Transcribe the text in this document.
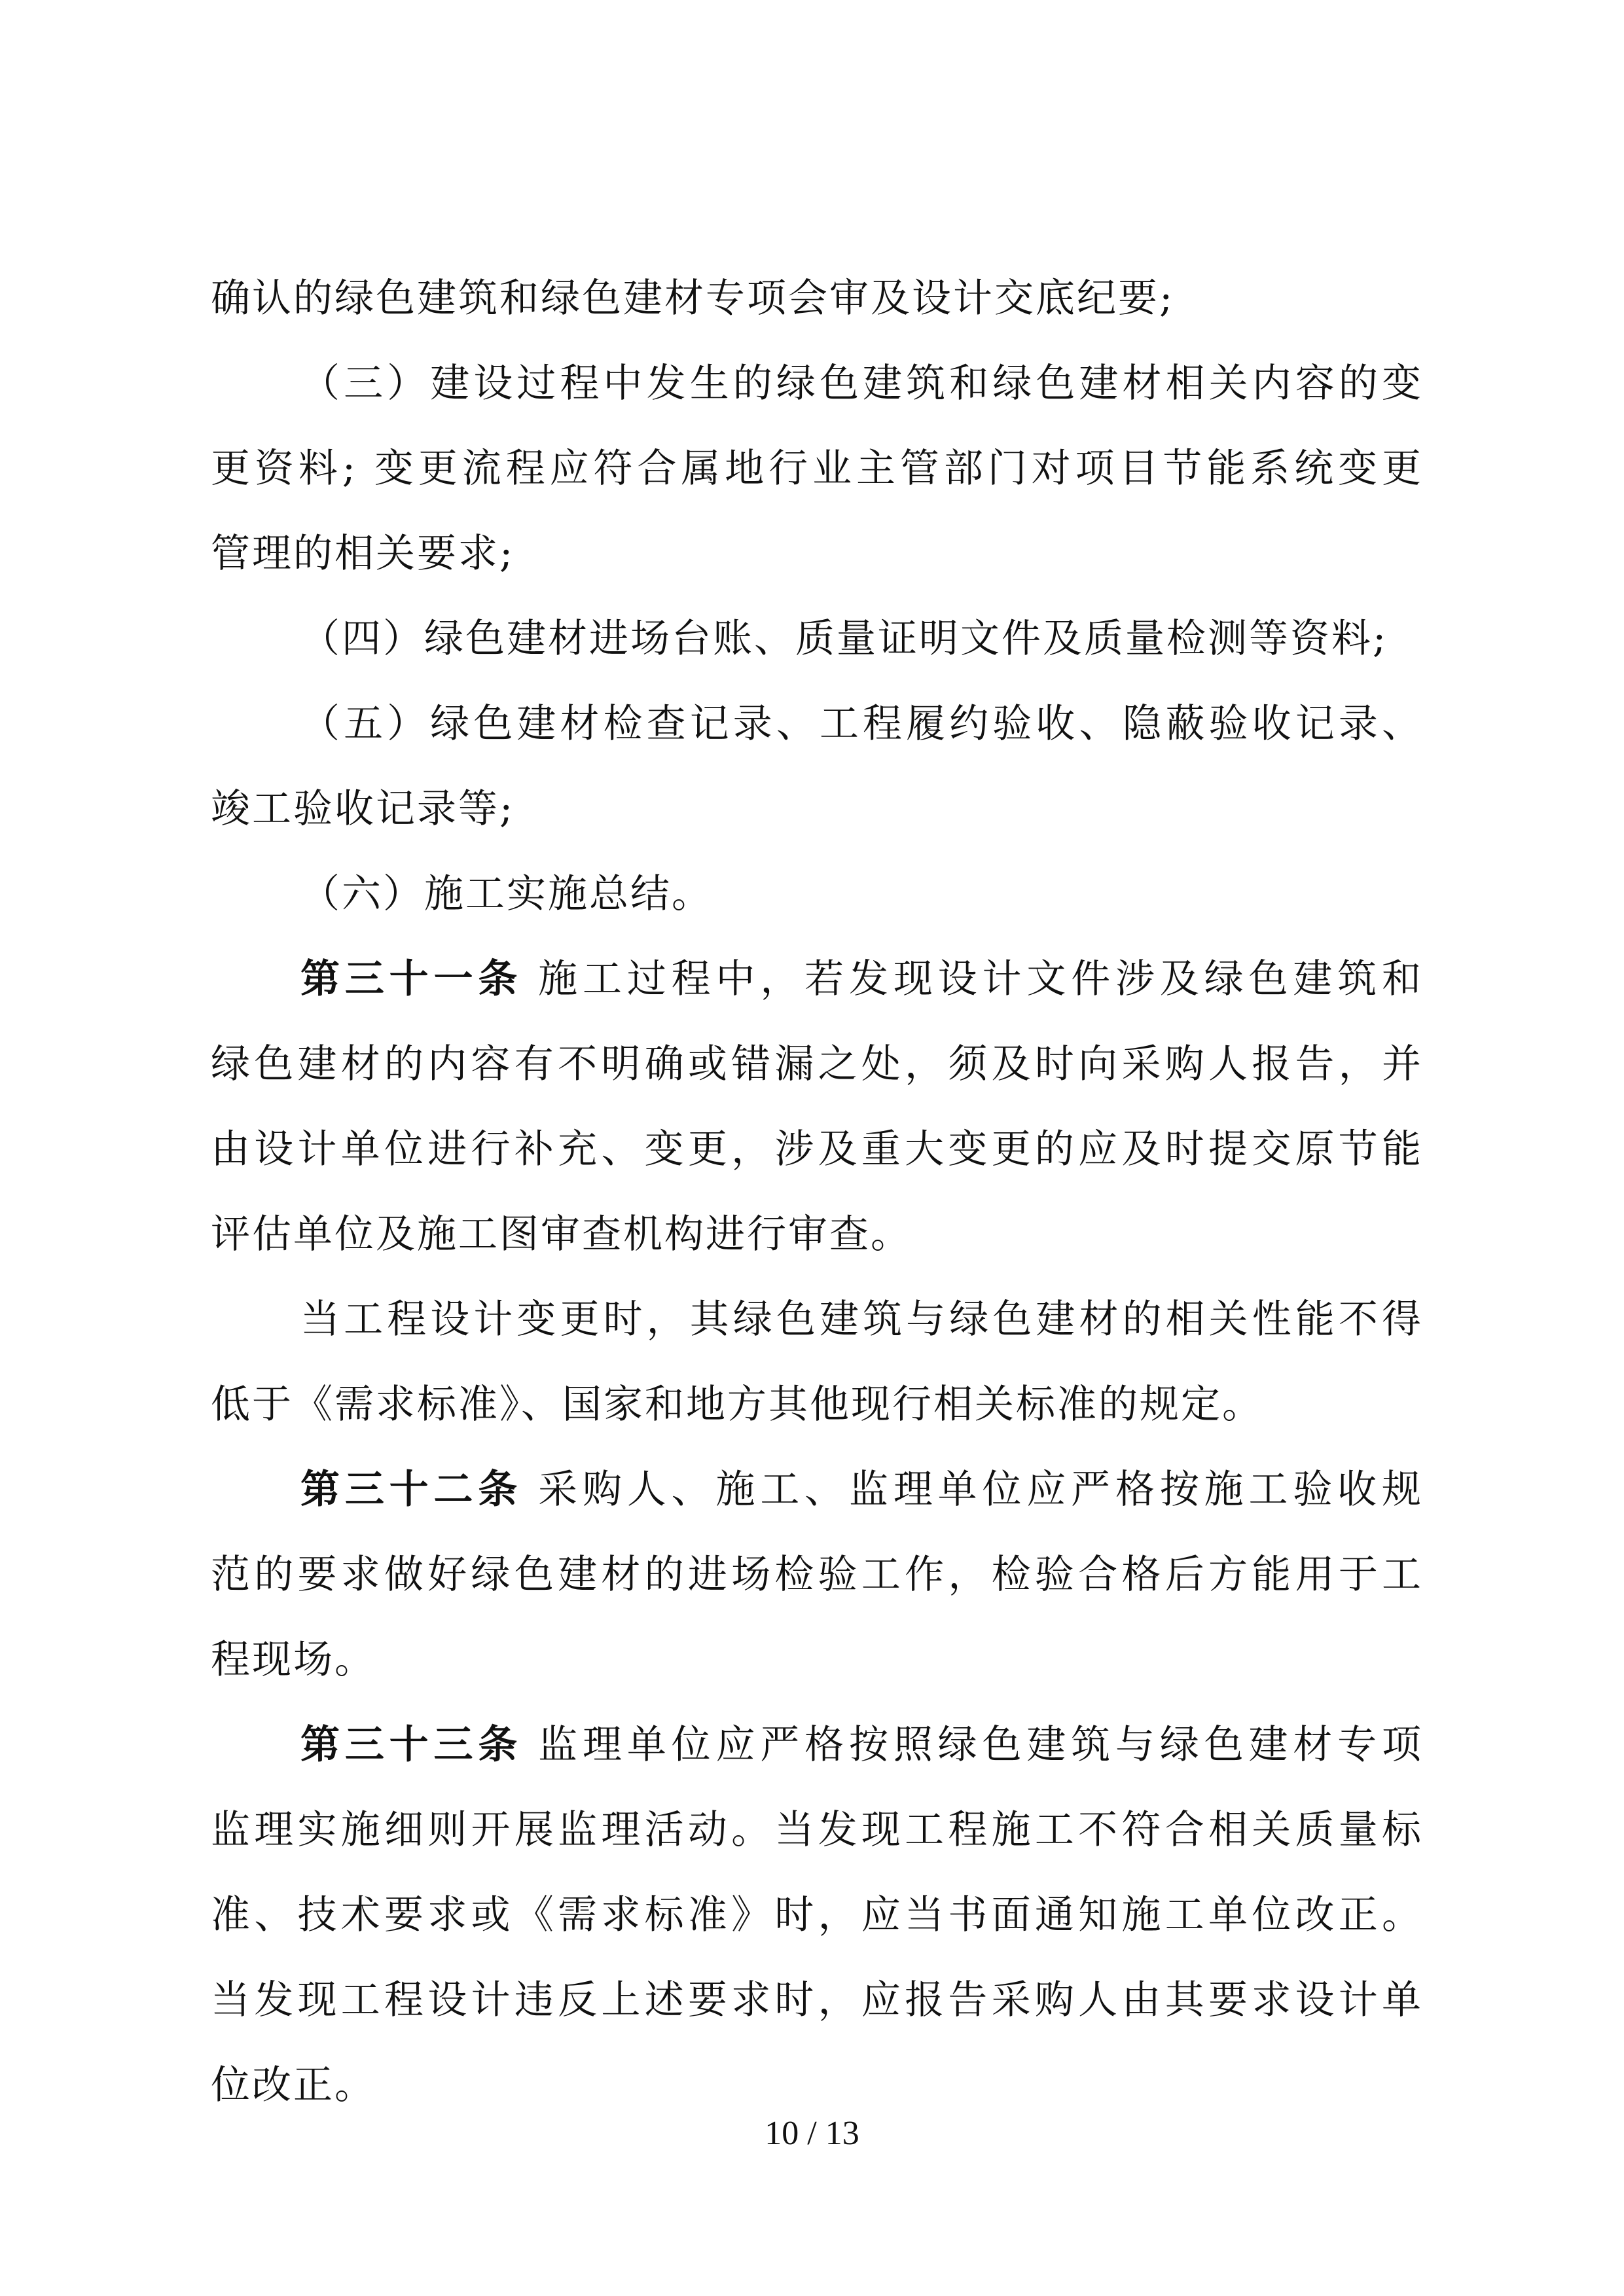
确认的绿色建筑和绿色建材专项会审及设计交底纪要;
（三）建设过程中发生的绿色建筑和绿色建材相关内容的变
更资料; 变更流程应符合属地行业主管部门对项目节能系统变更
管理的相关要求;
（四）绿色建材进场台账、质量证明文件及质量检测等资料;
（五）绿色建材检查记录、工程履约验收、隐蔽验收记录、
竣工验收记录等;
（六）施工实施总结。
第三十一条 施工过程中，若发现设计文件涉及绿色建筑和
绿色建材的内容有不明确或错漏之处，须及时向采购人报告，并
由设计单位进行补充、变更，涉及重大变更的应及时提交原节能
评估单位及施工图审查机构进行审查。
当工程设计变更时，其绿色建筑与绿色建材的相关性能不得
低于《需求标准》、国家和地方其他现行相关标准的规定。
第三十二条 采购人、施工、监理单位应严格按施工验收规
范的要求做好绿色建材的进场检验工作，检验合格后方能用于工
程现场。
第三十三条 监理单位应严格按照绿色建筑与绿色建材专项
监理实施细则开展监理活动。当发现工程施工不符合相关质量标
准、技术要求或《需求标准》时，应当书面通知施工单位改正。
当发现工程设计违反上述要求时，应报告采购人由其要求设计单
位改正。
10 / 13
